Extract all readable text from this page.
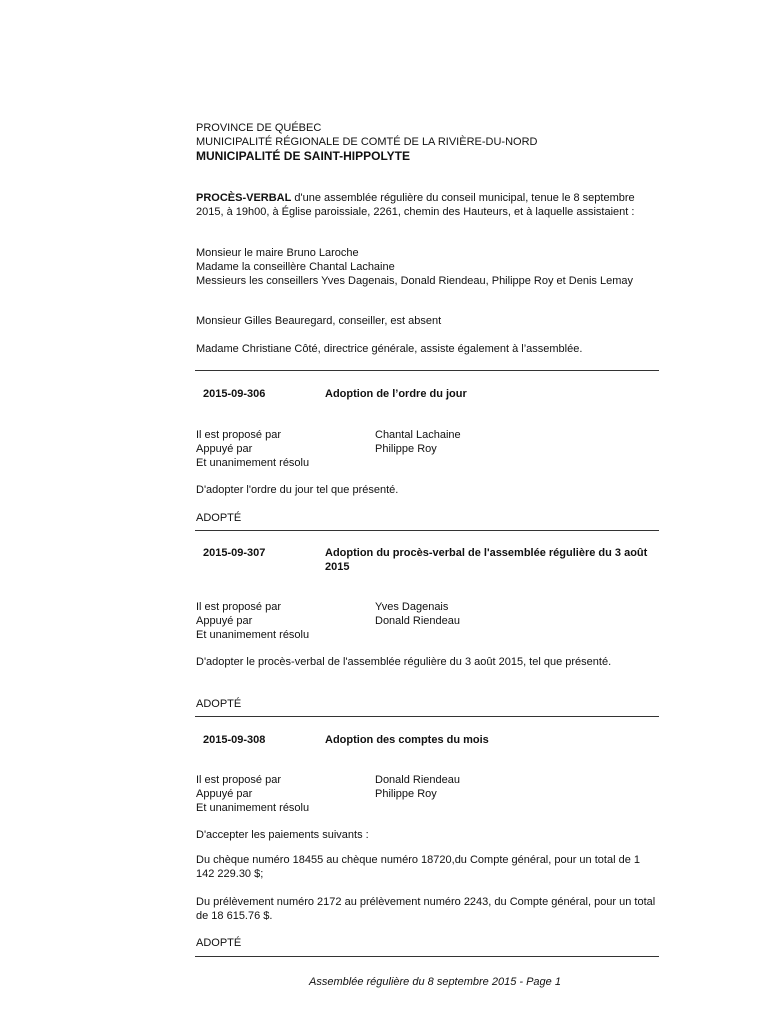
PROVINCE DE QUÉBEC
MUNICIPALITÉ RÉGIONALE DE COMTÉ DE LA RIVIÈRE-DU-NORD
MUNICIPALITÉ DE SAINT-HIPPOLYTE
PROCÈS-VERBAL d'une assemblée régulière du conseil municipal, tenue le 8 septembre 2015, à 19h00, à Église paroissiale, 2261, chemin des Hauteurs, et à laquelle assistaient :
Monsieur le maire Bruno Laroche
Madame la conseillère Chantal Lachaine
Messieurs les conseillers Yves Dagenais, Donald Riendeau, Philippe Roy et Denis Lemay
Monsieur Gilles Beauregard, conseiller, est absent
Madame Christiane Côté, directrice générale, assiste également à l’assemblée.
2015-09-306	Adoption de l’ordre du jour
Il est proposé par	Chantal Lachaine
Appuyé par	Philippe Roy
Et unanimement résolu
D'adopter l'ordre du jour tel que présenté.
ADOPTÉ
2015-09-307	Adoption du procès-verbal de l'assemblée régulière du 3 août 2015
Il est proposé par	Yves Dagenais
Appuyé par	Donald Riendeau
Et unanimement résolu
D'adopter le procès-verbal de l'assemblée régulière du 3 août 2015, tel que présenté.
ADOPTÉ
2015-09-308	Adoption des comptes du mois
Il est proposé par	Donald Riendeau
Appuyé par	Philippe Roy
Et unanimement résolu
D'accepter les paiements suivants :
Du chèque numéro 18455 au chèque numéro 18720,du Compte général, pour un total de 1 142 229.30 $;
Du prélèvement numéro 2172 au prélèvement numéro 2243, du Compte général, pour un total de 18 615.76 $.
ADOPTÉ
Assemblée régulière du 8 septembre 2015 - Page 1
